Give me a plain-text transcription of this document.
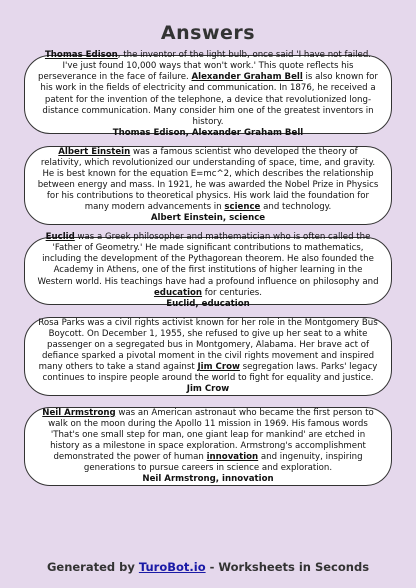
Answers
Thomas Edison, the inventor of the light bulb, once said 'I have not failed. I've just found 10,000 ways that won't work.' This quote reflects his perseverance in the face of failure. Alexander Graham Bell is also known for his work in the fields of electricity and communication. In 1876, he received a patent for the invention of the telephone, a device that revolutionized long-distance communication. Many consider him one of the greatest inventors in history.
Thomas Edison, Alexander Graham Bell
Albert Einstein was a famous scientist who developed the theory of relativity, which revolutionized our understanding of space, time, and gravity. He is best known for the equation E=mc^2, which describes the relationship between energy and mass. In 1921, he was awarded the Nobel Prize in Physics for his contributions to theoretical physics. His work laid the foundation for many modern advancements in science and technology.
Albert Einstein, science
Euclid was a Greek philosopher and mathematician who is often called the 'Father of Geometry.' He made significant contributions to mathematics, including the development of the Pythagorean theorem. He also founded the Academy in Athens, one of the first institutions of higher learning in the Western world. His teachings have had a profound influence on philosophy and education for centuries.
Euclid, education
Rosa Parks was a civil rights activist known for her role in the Montgomery Bus Boycott. On December 1, 1955, she refused to give up her seat to a white passenger on a segregated bus in Montgomery, Alabama. Her brave act of defiance sparked a pivotal moment in the civil rights movement and inspired many others to take a stand against Jim Crow segregation laws. Parks' legacy continues to inspire people around the world to fight for equality and justice.
Jim Crow
Neil Armstrong was an American astronaut who became the first person to walk on the moon during the Apollo 11 mission in 1969. His famous words 'That's one small step for man, one giant leap for mankind' are etched in history as a milestone in space exploration. Armstrong's accomplishment demonstrated the power of human innovation and ingenuity, inspiring generations to pursue careers in science and exploration.
Neil Armstrong, innovation
Generated by TuroBot.io - Worksheets in Seconds
